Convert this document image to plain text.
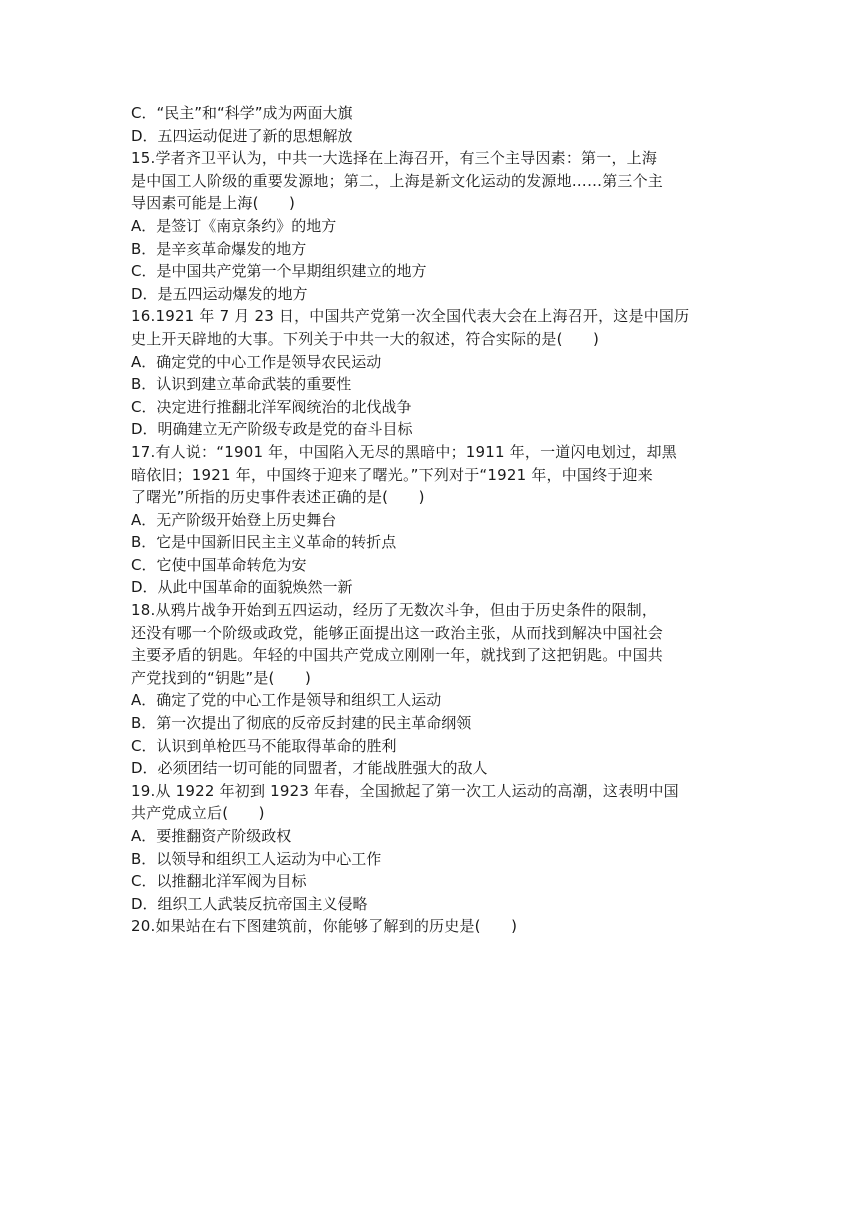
C．“民主”和“科学”成为两面大旗
D．五四运动促进了新的思想解放
15.学者齐卫平认为，中共一大选择在上海召开，有三个主导因素：第一，上海
是中国工人阶级的重要发源地；第二，上海是新文化运动的发源地……第三个主
导因素可能是上海(　　)
A．是签订《南京条约》的地方
B．是辛亥革命爆发的地方
C．是中国共产党第一个早期组织建立的地方
D．是五四运动爆发的地方
16.1921 年 7 月 23 日，中国共产党第一次全国代表大会在上海召开，这是中国历
史上开天辟地的大事。下列关于中共一大的叙述，符合实际的是(　　)
A．确定党的中心工作是领导农民运动
B．认识到建立革命武装的重要性
C．决定进行推翻北洋军阀统治的北伐战争
D．明确建立无产阶级专政是党的奋斗目标
17.有人说：“1901 年，中国陷入无尽的黑暗中；1911 年，一道闪电划过，却黑
暗依旧；1921 年，中国终于迎来了曙光。”下列对于“1921 年，中国终于迎来
了曙光”所指的历史事件表述正确的是(　　)
A．无产阶级开始登上历史舞台
B．它是中国新旧民主主义革命的转折点
C．它使中国革命转危为安
D．从此中国革命的面貌焕然一新
18.从鸦片战争开始到五四运动，经历了无数次斗争，但由于历史条件的限制，
还没有哪一个阶级或政党，能够正面提出这一政治主张，从而找到解决中国社会
主要矛盾的钥匙。年轻的中国共产党成立刚刚一年，就找到了这把钥匙。中国共
产党找到的“钥匙”是(　　)
A．确定了党的中心工作是领导和组织工人运动
B．第一次提出了彻底的反帝反封建的民主革命纲领
C．认识到单枪匹马不能取得革命的胜利
D．必须团结一切可能的同盟者，才能战胜强大的敌人
19.从 1922 年初到 1923 年春，全国掀起了第一次工人运动的高潮，这表明中国
共产党成立后(　　)
A．要推翻资产阶级政权
B．以领导和组织工人运动为中心工作
C．以推翻北洋军阀为目标
D．组织工人武装反抗帝国主义侵略
20.如果站在右下图建筑前，你能够了解到的历史是(　　)
